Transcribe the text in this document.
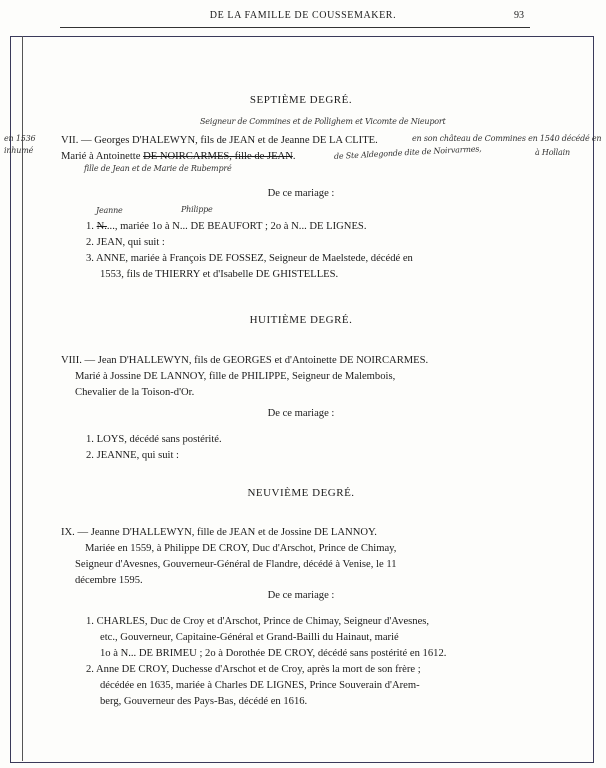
DE LA FAMILLE DE COUSSEMAKER.	93
SEPTIÈME DEGRÉ.
Seigneur de Commines et de Pollighem et Vicomte de Nieuport
en 1536
inhumé
VII. — Georges D'HALEWYN, fils de JEAN et de Jeanne DE LA CLITE.	en son château de Commines en 1540 décédé en
à Hollain
Marié à Antoinette DE NOIRCARMES, fille de JEAN.	de Ste Aldegonde dite de Noirvarmes,
fille de Jean et de Marie de Rubempré
De ce mariage :
Jeanne	Philippe
1. N...., mariée 1o à N... DE BEAUFORT ; 2o à N... DE LIGNES.
2. JEAN, qui suit :
3. ANNE, mariée à François DE FOSSEZ, Seigneur de Maelstede, décédé en
1553, fils de THIERRY et d'Isabelle DE GHISTELLES.
HUITIÈME DEGRÉ.
VIII. — Jean D'HALLEWYN, fils de GEORGES et d'Antoinette DE NOIRCARMES.
Marié à Jossine DE LANNOY, fille de PHILIPPE, Seigneur de Malembois,
Chevalier de la Toison-d'Or.
De ce mariage :
1. LOYS, décédé sans postérité.
2. JEANNE, qui suit :
NEUVIÈME DEGRÉ.
IX. — Jeanne D'HALLEWYN, fille de JEAN et de Jossine DE LANNOY.
Mariée en 1559, à Philippe DE CROY, Duc d'Arschot, Prince de Chimay,
Seigneur d'Avesnes, Gouverneur-Général de Flandre, décédé à Venise, le 11
décembre 1595.
De ce mariage :
1. CHARLES, Duc de Croy et d'Arschot, Prince de Chimay, Seigneur d'Avesnes,
etc., Gouverneur, Capitaine-Général et Grand-Bailli du Hainaut, marié
1o à N... DE BRIMEU ; 2o à Dorothée DE CROY, décédé sans postérité en 1612.
2. Anne DE CROY, Duchesse d'Arschot et de Croy, après la mort de son frère ;
décédée en 1635, mariée à Charles DE LIGNES, Prince Souverain d'Arem-
berg, Gouverneur des Pays-Bas, décédé en 1616.
